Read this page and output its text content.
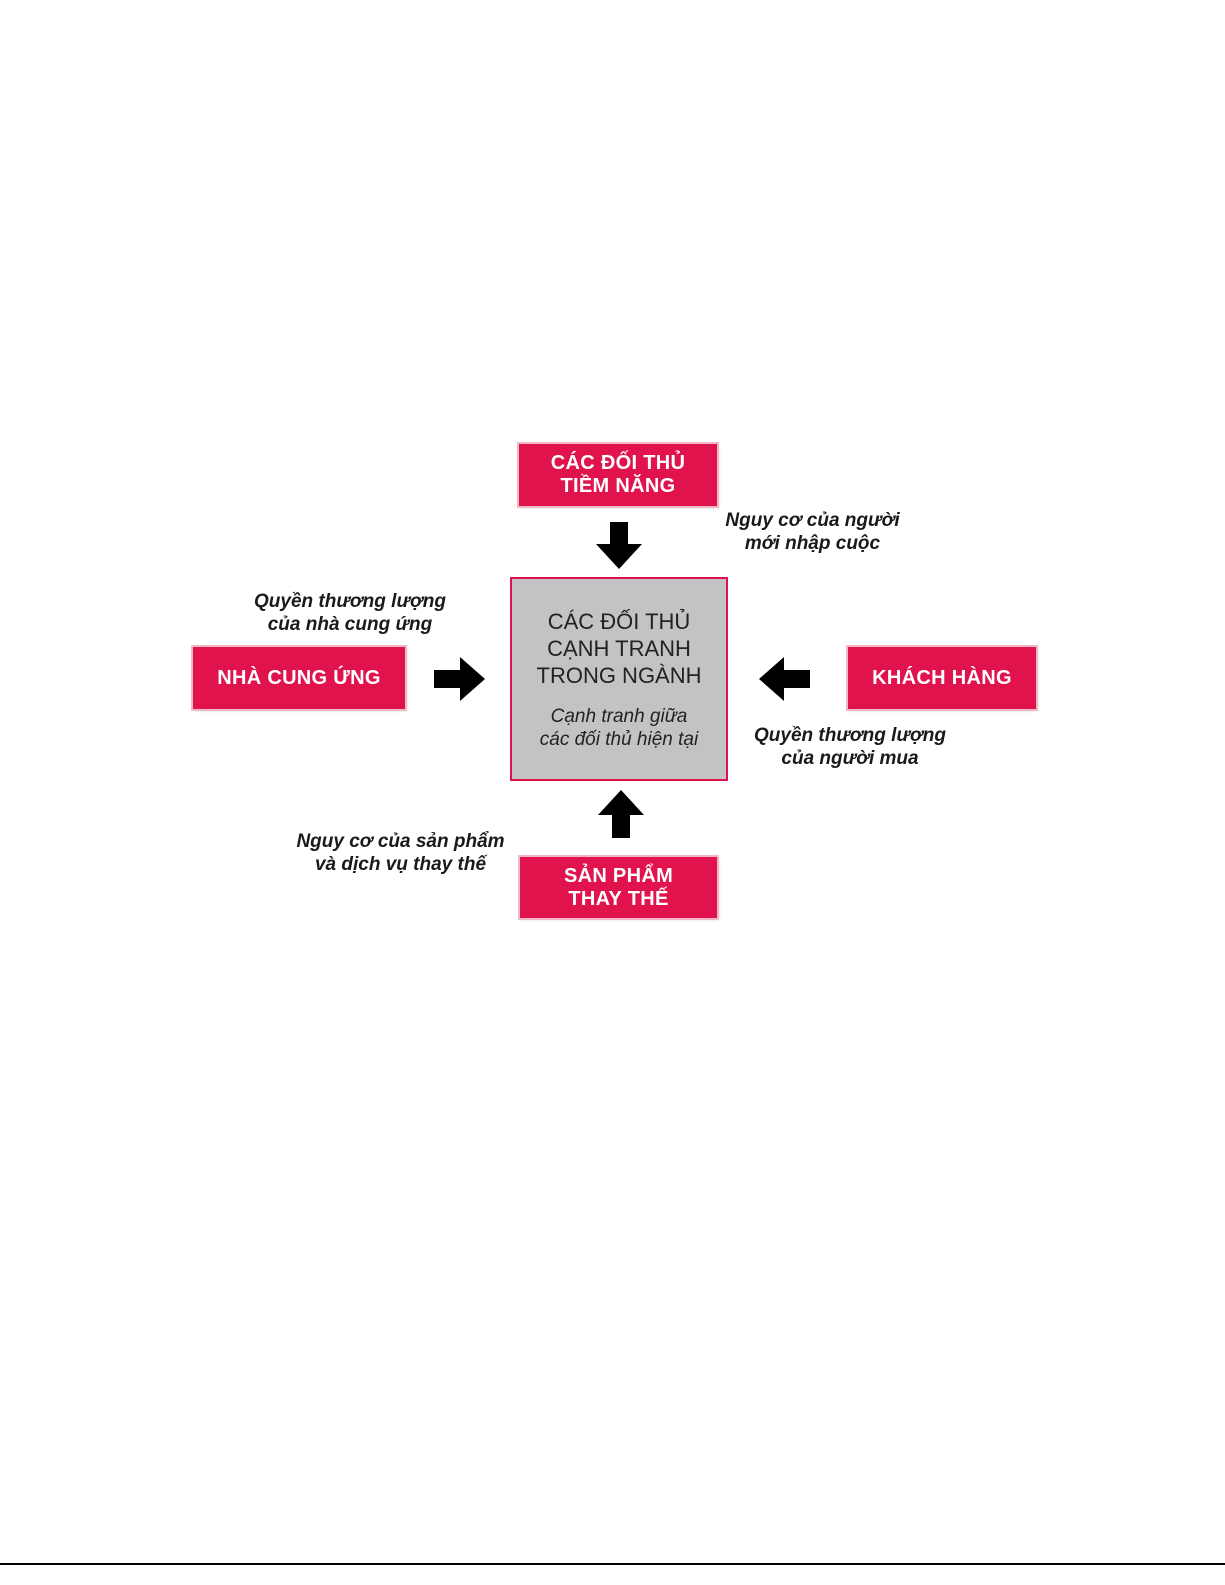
CÁC ĐỐI THỦ
TIỀM NĂNG
Nguy cơ của người
mới nhập cuộc
Quyền thương lượng
của nhà cung ứng
NHÀ CUNG ỨNG
CÁC ĐỐI THỦ
CẠNH TRANH
TRONG NGÀNH
Cạnh tranh giữa
các đối thủ hiện tại
KHÁCH HÀNG
Quyền thương lượng
của người mua
Nguy cơ của sản phẩm
và dịch vụ thay thế	SẢN PHẨM
THAY THẾ
